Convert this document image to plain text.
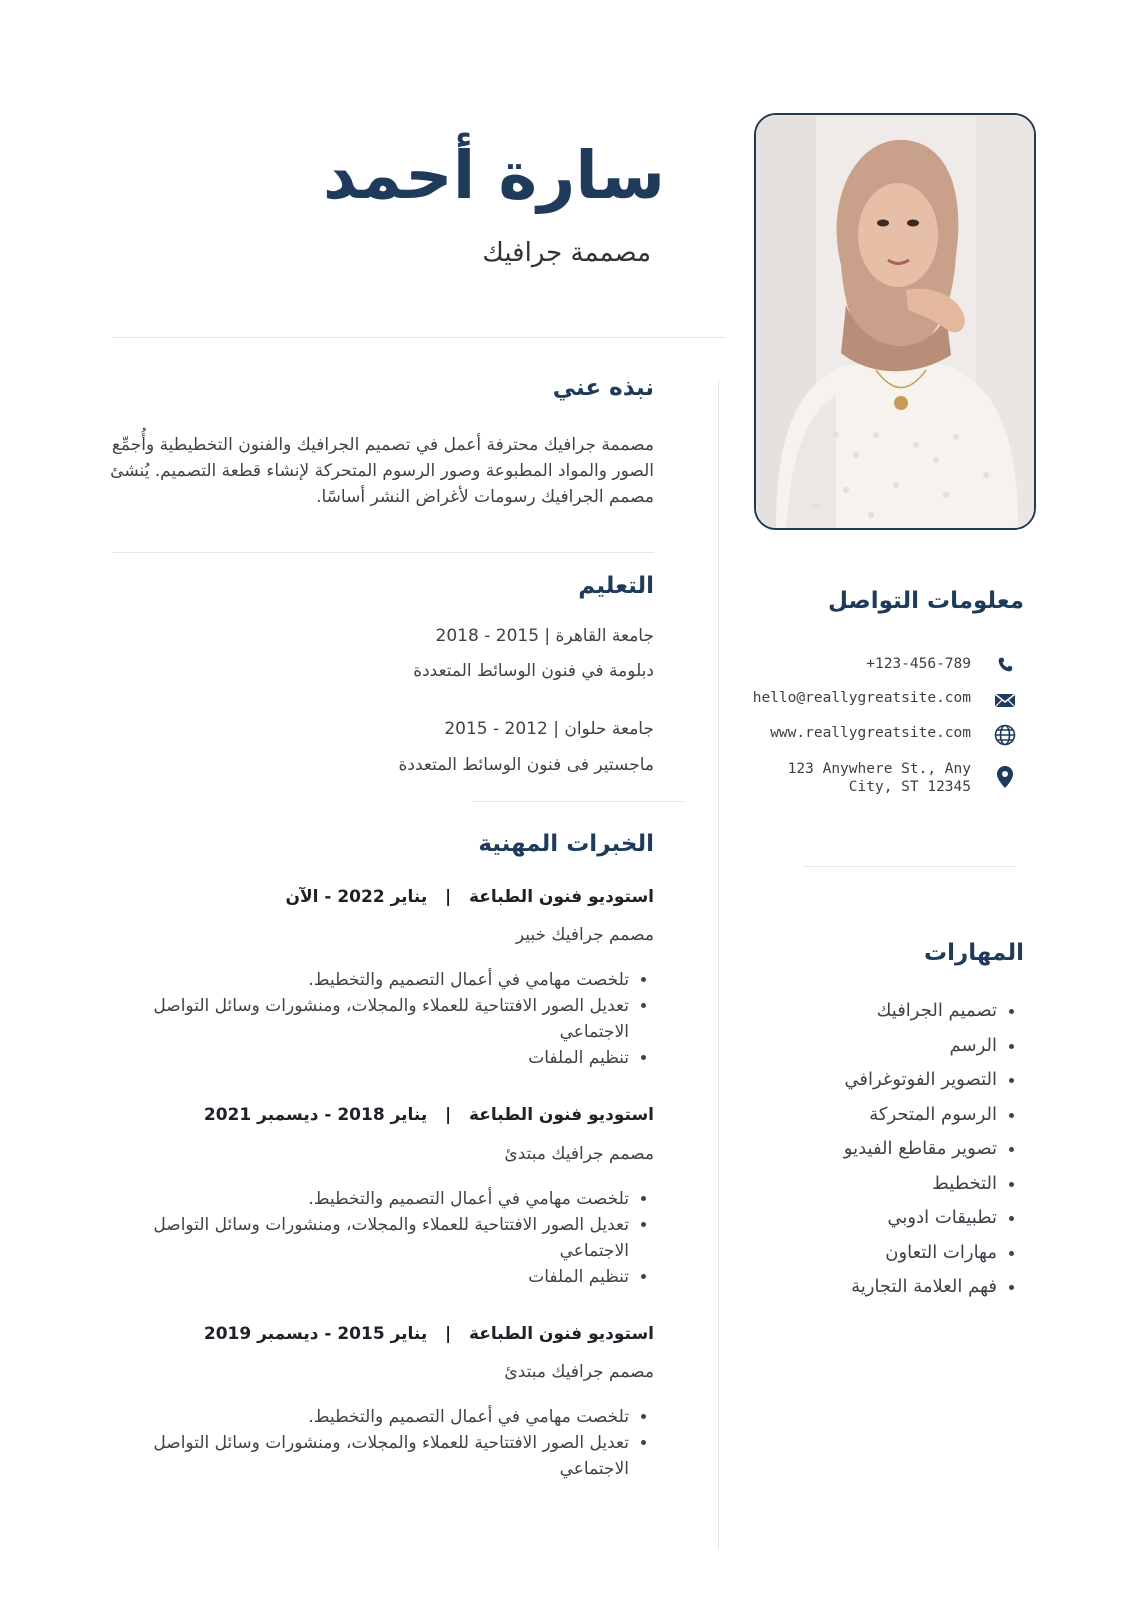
سارة أحمد
مصممة جرافيك
نبذه عني
مصممة جرافيك محترفة أعمل في تصميم الجرافيك والفنون التخطيطية وأُجمِّع الصور والمواد المطبوعة وصور الرسوم المتحركة لإنشاء قطعة التصميم. يُنشئ مصمم الجرافيك رسومات لأغراض النشر أساسًا.
التعليم
جامعة القاهرة | 2015 - 2018
دبلومة في فنون الوسائط المتعددة
جامعة حلوان | 2012 - 2015
ماجستير فى فنون الوسائط المتعددة
الخبرات المهنية
استوديو فنون الطباعة   |   يناير 2022 - الآن
مصمم جرافيك خبير
• تلخصت مهامي في أعمال التصميم والتخطيط.
• تعديل الصور الافتتاحية للعملاء والمجلات، ومنشورات وسائل التواصل الاجتماعي
• تنظيم الملفات
استوديو فنون الطباعة   |   يناير 2018 - ديسمبر 2021
مصمم جرافيك مبتدئ
• تلخصت مهامي في أعمال التصميم والتخطيط.
• تعديل الصور الافتتاحية للعملاء والمجلات، ومنشورات وسائل التواصل الاجتماعي
• تنظيم الملفات
استوديو فنون الطباعة   |   يناير 2015 - ديسمبر 2019
مصمم جرافيك مبتدئ
• تلخصت مهامي في أعمال التصميم والتخطيط.
• تعديل الصور الافتتاحية للعملاء والمجلات، ومنشورات وسائل التواصل الاجتماعي
معلومات التواصل
+123-456-789
hello@reallygreatsite.com
www.reallygreatsite.com
123 Anywhere St., Any
City, ST 12345
المهارات
• تصميم الجرافيك
• الرسم
• التصوير الفوتوغرافي
• الرسوم المتحركة
• تصوير مقاطع الفيديو
• التخطيط
• تطبيقات ادوبي
• مهارات التعاون
• فهم العلامة التجارية
